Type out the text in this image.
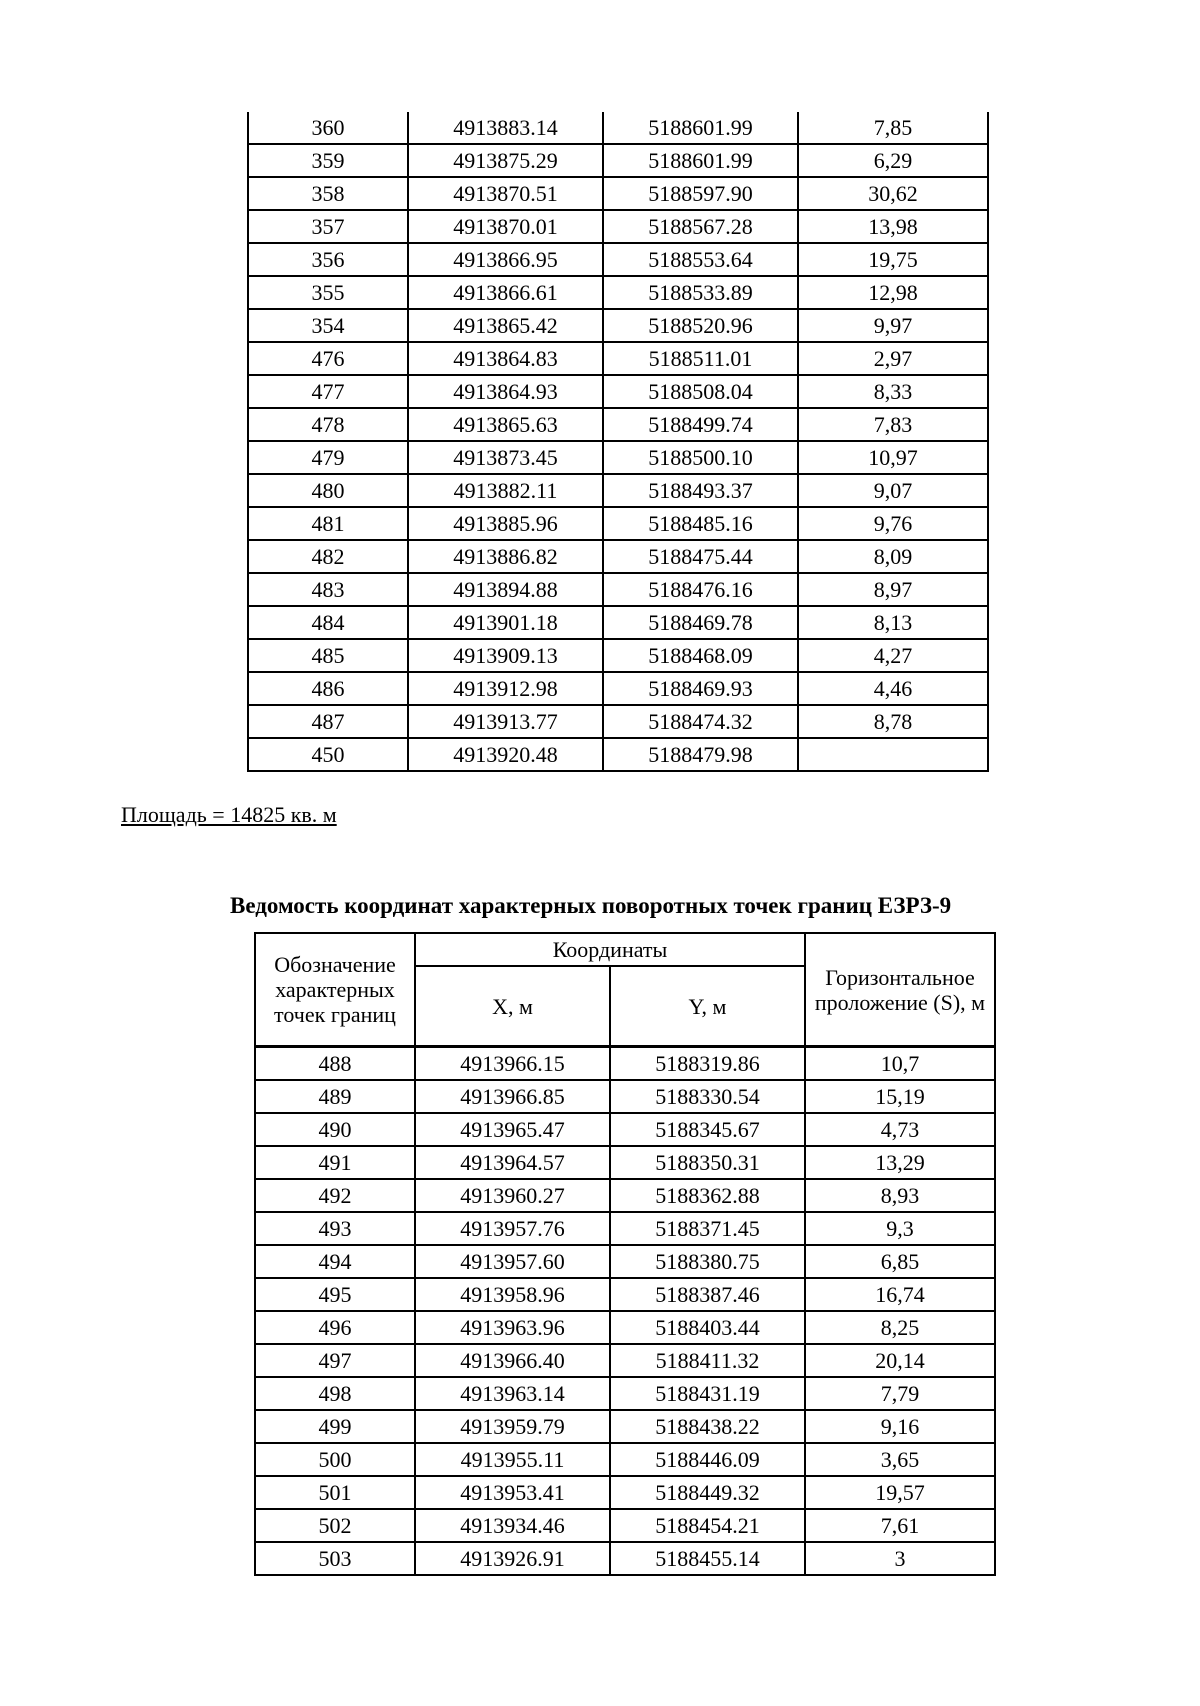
360	4913883.14	5188601.99	7,85
359	4913875.29	5188601.99	6,29
358	4913870.51	5188597.90	30,62
357	4913870.01	5188567.28	13,98
356	4913866.95	5188553.64	19,75
355	4913866.61	5188533.89	12,98
354	4913865.42	5188520.96	9,97
476	4913864.83	5188511.01	2,97
477	4913864.93	5188508.04	8,33
478	4913865.63	5188499.74	7,83
479	4913873.45	5188500.10	10,97
480	4913882.11	5188493.37	9,07
481	4913885.96	5188485.16	9,76
482	4913886.82	5188475.44	8,09
483	4913894.88	5188476.16	8,97
484	4913901.18	5188469.78	8,13
485	4913909.13	5188468.09	4,27
486	4913912.98	5188469.93	4,46
487	4913913.77	5188474.32	8,78
450	4913920.48	5188479.98	
Площадь = 14825 кв. м
Ведомость координат характерных поворотных точек границ ЕЗРЗ-9
Обозначение характерных точек границ	Координаты		Горизонтальное проложение (S), м
	X, м	Y, м	
488	4913966.15	5188319.86	10,7
489	4913966.85	5188330.54	15,19
490	4913965.47	5188345.67	4,73
491	4913964.57	5188350.31	13,29
492	4913960.27	5188362.88	8,93
493	4913957.76	5188371.45	9,3
494	4913957.60	5188380.75	6,85
495	4913958.96	5188387.46	16,74
496	4913963.96	5188403.44	8,25
497	4913966.40	5188411.32	20,14
498	4913963.14	5188431.19	7,79
499	4913959.79	5188438.22	9,16
500	4913955.11	5188446.09	3,65
501	4913953.41	5188449.32	19,57
502	4913934.46	5188454.21	7,61
503	4913926.91	5188455.14	3
